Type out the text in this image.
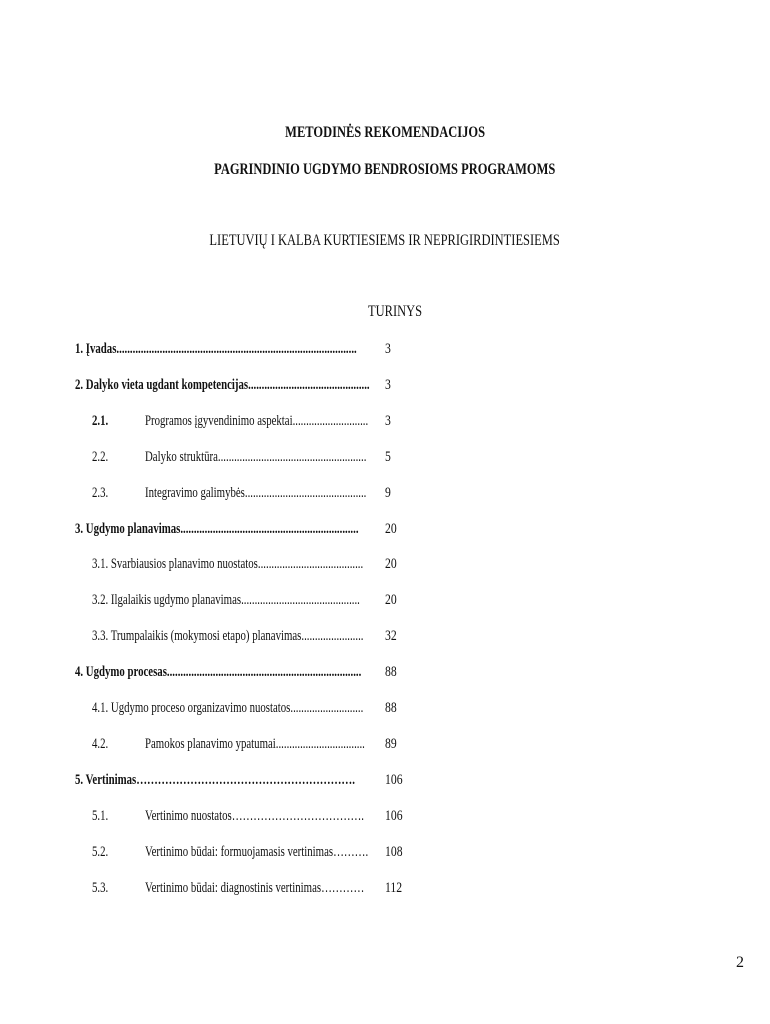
METODINĖS REKOMENDACIJOS
PAGRINDINIO UGDYMO BENDROSIOMS PROGRAMOMS
LIETUVIŲ I KALBA KURTIESIEMS IR NEPRIGIRDINTIESIEMS
TURINYS
1. Įvadas......................................................................................... 3
2. Dalyko vieta ugdant kompetencijas............................................. 3
2.1. Programos įgyvendinimo aspektai............................ 3
2.2. Dalyko struktūra....................................................... 5
2.3. Integravimo galimybės............................................. 9
3. Ugdymo planavimas.................................................................. 20
3.1. Svarbiausios planavimo nuostatos....................................... 20
3.2. Ilgalaikis ugdymo planavimas............................................ 20
3.3. Trumpalaikis (mokymosi etapo) planavimas....................... 32
4. Ugdymo procesas........................................................................ 88
4.1. Ugdymo proceso organizavimo nuostatos........................... 88
4.2. Pamokos planavimo ypatumai................................. 89
5. Vertinimas……………………………………………………. 106
5.1. Vertinimo nuostatos………………………………. 106
5.2. Vertinimo būdai: formuojamasis vertinimas………. 108
5.3. Vertinimo būdai: diagnostinis vertinimas………… 112
2
